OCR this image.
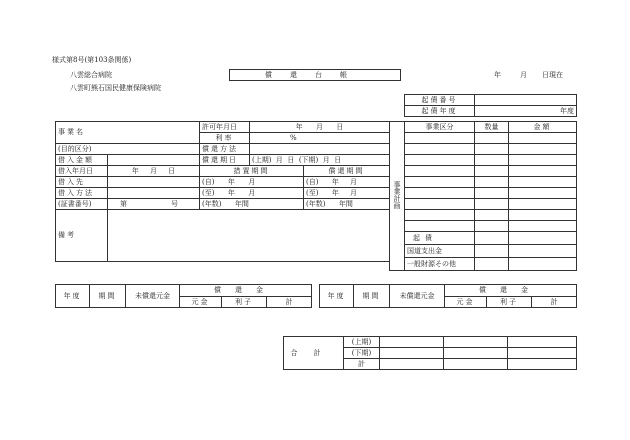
様式第8号(第103条関係)
八雲総合病院
八雲町熊石国民健康保険病院
償還台帳	年	月 日現在
起債番号	
起債年度	年度
事業名		許可年月日	年 月 日	
		利率	%	
(目的区分)		償還方法		
借入金額		償還期日	(上期) 月 日 (下期) 月 日	
借入年月日	年 月 日	措置期間		償還期間
借入先		(自) 年 月		(自) 年 月
借入方法		(至) 年 月		(至) 年 月
(証書番号)	第 号	(年数) 年間		(年数) 年間
備考				
事
業
計
画	事業区分	数量	金額

	起債		
	国道支出金		
	一般財源その他		
年度	期間	未償還元金	償還金		
			元金	利子	計
年度	期間	未償還元金	償還金		
			元金	利子	計
合計	(上期)			
	(下期)			
	計			
